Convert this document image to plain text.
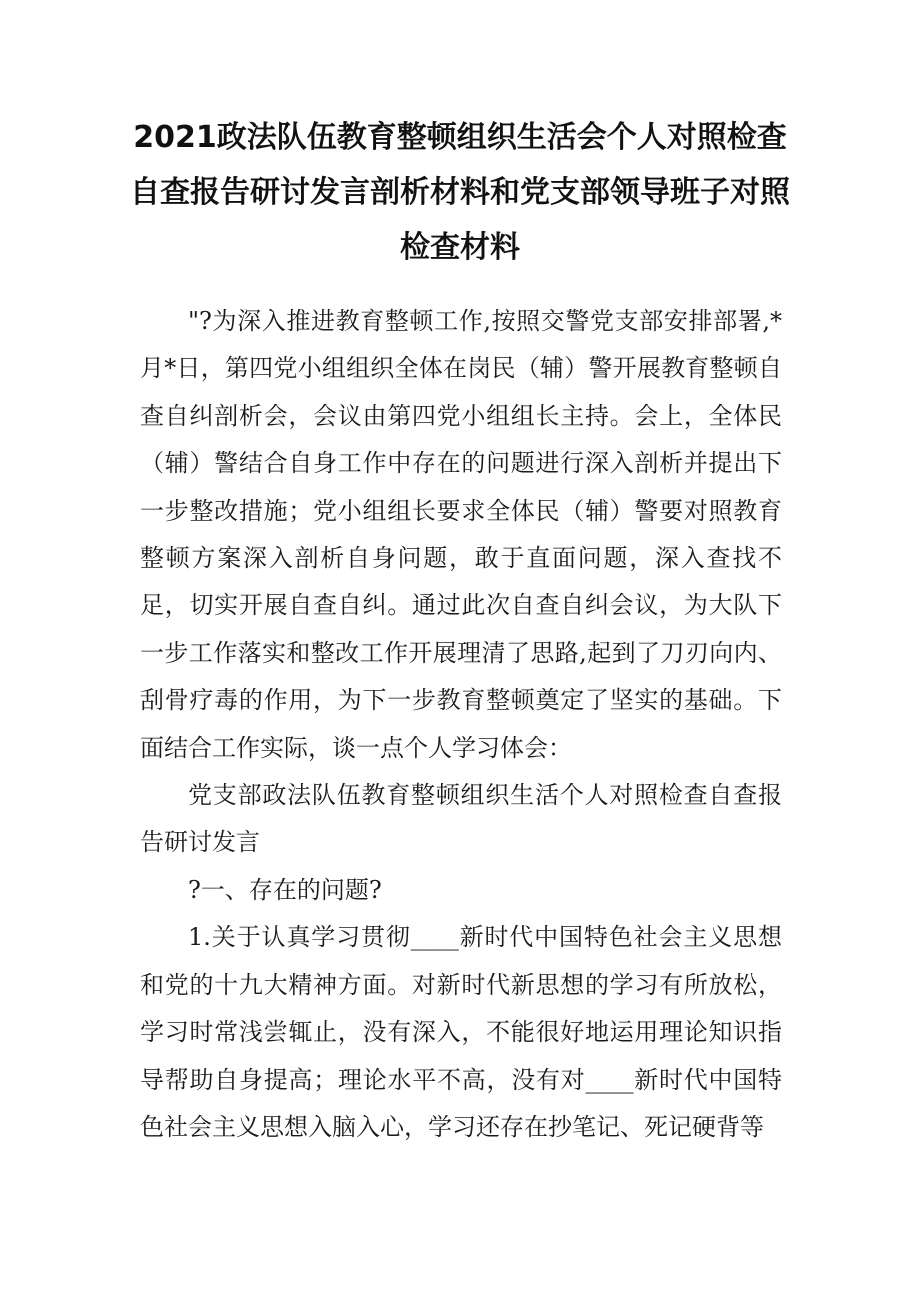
2021政法队伍教育整顿组织生活会个人对照检查自查报告研讨发言剖析材料和党支部领导班子对照检查材料

"?为深入推进教育整顿工作,按照交警党支部安排部署,*月*日，第四党小组组织全体在岗民（辅）警开展教育整顿自查自纠剖析会，会议由第四党小组组长主持。会上，全体民（辅）警结合自身工作中存在的问题进行深入剖析并提出下一步整改措施；党小组组长要求全体民（辅）警要对照教育整顿方案深入剖析自身问题，敢于直面问题，深入查找不足，切实开展自查自纠。通过此次自查自纠会议，为大队下一步工作落实和整改工作开展理清了思路,起到了刀刃向内、刮骨疗毒的作用，为下一步教育整顿奠定了坚实的基础。下面结合工作实际，谈一点个人学习体会：

党支部政法队伍教育整顿组织生活个人对照检查自查报告研讨发言

?一、存在的问题?

1.关于认真学习贯彻____新时代中国特色社会主义思想和党的十九大精神方面。对新时代新思想的学习有所放松，学习时常浅尝辄止，没有深入，不能很好地运用理论知识指导帮助自身提高；理论水平不高，没有对____新时代中国特色社会主义思想入脑入心，学习还存在抄笔记、死记硬背等
